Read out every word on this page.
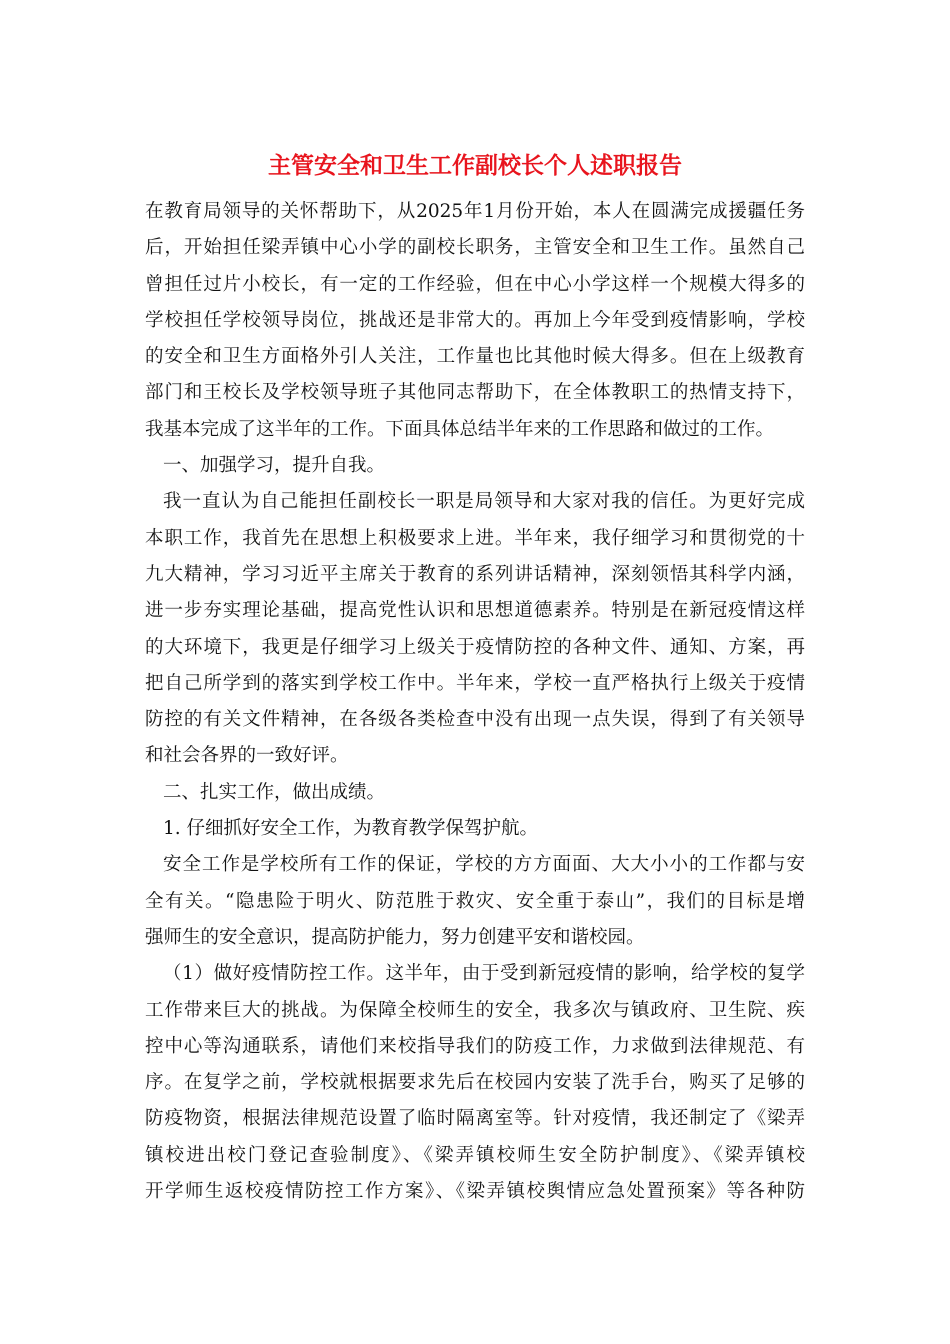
主管安全和卫生工作副校长个人述职报告
在教育局领导的关怀帮助下，从2025年1月份开始，本人在圆满完成援疆任务
后，开始担任梁弄镇中心小学的副校长职务，主管安全和卫生工作。虽然自己
曾担任过片小校长，有一定的工作经验，但在中心小学这样一个规模大得多的
学校担任学校领导岗位，挑战还是非常大的。再加上今年受到疫情影响，学校
的安全和卫生方面格外引人关注，工作量也比其他时候大得多。但在上级教育
部门和王校长及学校领导班子其他同志帮助下，在全体教职工的热情支持下，
我基本完成了这半年的工作。下面具体总结半年来的工作思路和做过的工作。
一、加强学习，提升自我。
我一直认为自己能担任副校长一职是局领导和大家对我的信任。为更好完成
本职工作，我首先在思想上积极要求上进。半年来，我仔细学习和贯彻党的十
九大精神，学习习近平主席关于教育的系列讲话精神，深刻领悟其科学内涵，
进一步夯实理论基础，提高党性认识和思想道德素养。特别是在新冠疫情这样
的大环境下，我更是仔细学习上级关于疫情防控的各种文件、通知、方案，再
把自己所学到的落实到学校工作中。半年来，学校一直严格执行上级关于疫情
防控的有关文件精神，在各级各类检查中没有出现一点失误，得到了有关领导
和社会各界的一致好评。
二、扎实工作，做出成绩。
1. 仔细抓好安全工作，为教育教学保驾护航。
安全工作是学校所有工作的保证，学校的方方面面、大大小小的工作都与安
全有关。“隐患险于明火、防范胜于救灾、安全重于泰山”，我们的目标是增
强师生的安全意识，提高防护能力，努力创建平安和谐校园。
（1）做好疫情防控工作。这半年，由于受到新冠疫情的影响，给学校的复学
工作带来巨大的挑战。为保障全校师生的安全，我多次与镇政府、卫生院、疾
控中心等沟通联系，请他们来校指导我们的防疫工作，力求做到法律规范、有
序。在复学之前，学校就根据要求先后在校园内安装了洗手台，购买了足够的
防疫物资，根据法律规范设置了临时隔离室等。针对疫情，我还制定了《梁弄
镇校进出校门登记查验制度》、《梁弄镇校师生安全防护制度》、《梁弄镇校
开学师生返校疫情防控工作方案》、《梁弄镇校舆情应急处置预案》等各种防
